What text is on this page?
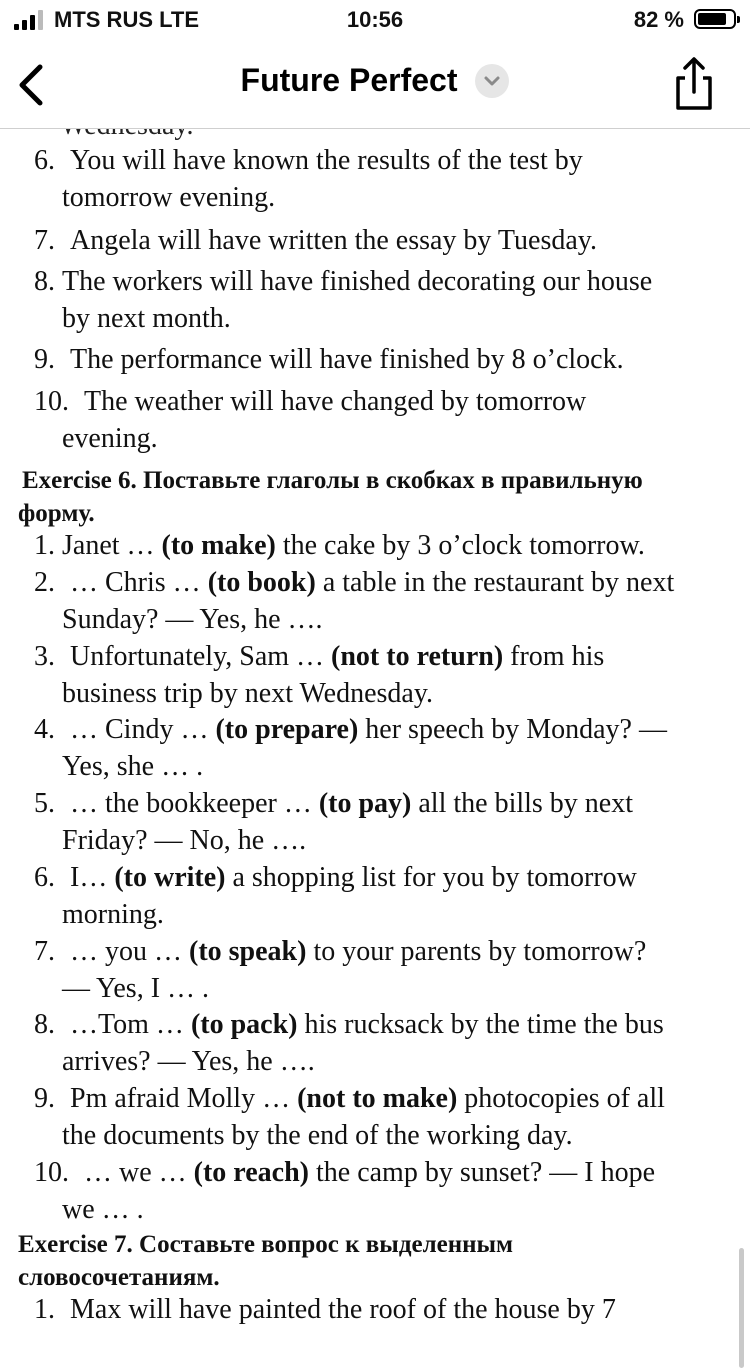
MTS RUS LTE	10:56	82 %
Future Perfect
6. You will have known the results of the test by
tomorrow evening.
7. Angela will have written the essay by Tuesday.
8. The workers will have finished decorating our house
by next month.
9. The performance will have finished by 8 o’clock.
10. The weather will have changed by tomorrow
evening.
Exercise 6. Поставьте глаголы в скобках в правильную
форму.
1. Janet … (to make) the cake by 3 o’clock tomorrow.
2. … Chris … (to book) a table in the restaurant by next
Sunday? — Yes, he ….
3. Unfortunately, Sam … (not to return) from his
business trip by next Wednesday.
4. … Cindy … (to prepare) her speech by Monday? —
Yes, she … .
5. … the bookkeeper … (to pay) all the bills by next
Friday? — No, he ….
6. I… (to write) a shopping list for you by tomorrow
morning.
7. … you … (to speak) to your parents by tomorrow?
— Yes, I … .
8. …Tom … (to pack) his rucksack by the time the bus
arrives? — Yes, he ….
9. Pm afraid Molly … (not to make) photocopies of all
the documents by the end of the working day.
10. … we … (to reach) the camp by sunset? — I hope
we … .
Exercise 7. Составьте вопрос к выделенным
словосочетаниям.
1. Max will have painted the roof of the house by 7
